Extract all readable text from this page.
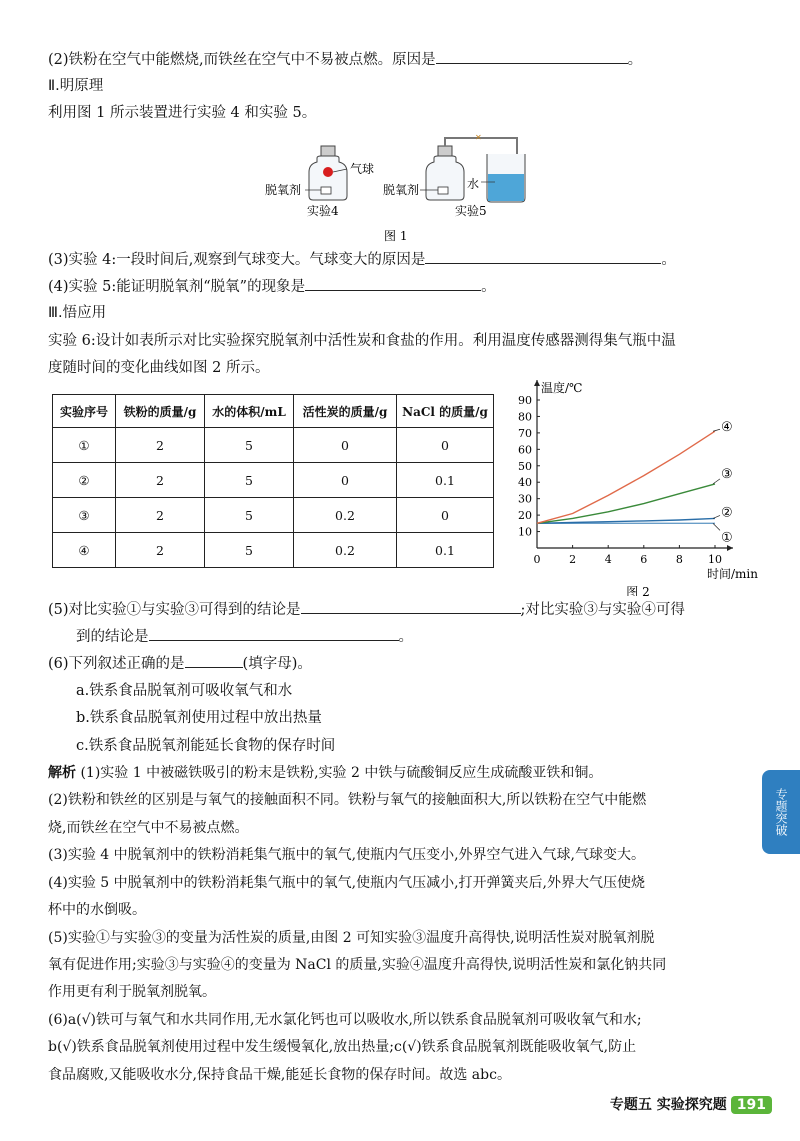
(2)铁粉在空气中能燃烧,而铁丝在空气中不易被点燃。原因是	。
Ⅱ.明原理
利用图 1 所示装置进行实验 4 和实验 5。
气球
脱氧剂
实验4
✕
脱氧剂	水
实验5
图 1
(3)实验 4:一段时间后,观察到气球变大。气球变大的原因是	。
(4)实验 5:能证明脱氧剂“脱氧”的现象是	。
Ⅲ.悟应用
实验 6:设计如表所示对比实验探究脱氧剂中活性炭和食盐的作用。利用温度传感器测得集气瓶中温
度随时间的变化曲线如图 2 所示。
实验序号	铁粉的质量/g	水的体积/mL	活性炭的质量/g	NaCl 的质量/g
①	2	5	0	0
②	2	5	0	0.1
③	2	5	0.2	0
④	2	5	0.2	0.1
10
20
30
40
50
60
70
80
90
0	2	4	6	8 10
温度/℃
时间/min
图 2
①
②
③
④
(5)对比实验①与实验③可得到的结论是	;对比实验③与实验④可得
到的结论是	。
(6)下列叙述正确的是	(填字母)。
a.铁系食品脱氧剂可吸收氧气和水
b.铁系食品脱氧剂使用过程中放出热量
c.铁系食品脱氧剂能延长食物的保存时间
解析 (1)实验 1 中被磁铁吸引的粉末是铁粉,实验 2 中铁与硫酸铜反应生成硫酸亚铁和铜。
(2)铁粉和铁丝的区别是与氧气的接触面积不同。铁粉与氧气的接触面积大,所以铁粉在空气中能燃
烧,而铁丝在空气中不易被点燃。
(3)实验 4 中脱氧剂中的铁粉消耗集气瓶中的氧气,使瓶内气压变小,外界空气进入气球,气球变大。
(4)实验 5 中脱氧剂中的铁粉消耗集气瓶中的氧气,使瓶内气压减小,打开弹簧夹后,外界大气压使烧
杯中的水倒吸。
(5)实验①与实验③的变量为活性炭的质量,由图 2 可知实验③温度升高得快,说明活性炭对脱氧剂脱
氧有促进作用;实验③与实验④的变量为 NaCl 的质量,实验④温度升高得快,说明活性炭和氯化钠共同
作用更有利于脱氧剂脱氧。
(6)a(√)铁可与氧气和水共同作用,无水氯化钙也可以吸收水,所以铁系食品脱氧剂可吸收氧气和水;
b(√)铁系食品脱氧剂使用过程中发生缓慢氧化,放出热量;c(√)铁系食品脱氧剂既能吸收氧气,防止
食品腐败,又能吸收水分,保持食品干燥,能延长食物的保存时间。故选 abc。
专题突破
专题五 实验探究题 191
